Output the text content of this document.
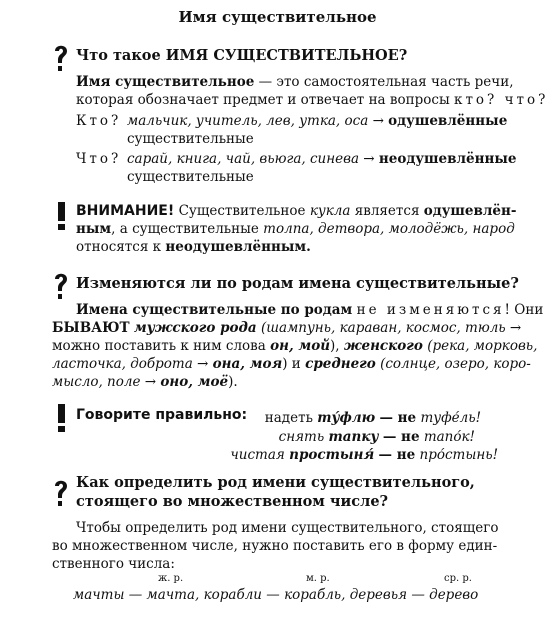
Имя существительное
Что такое ИМЯ СУЩЕСТВИТЕЛЬНОЕ?
Имя существительное — это самостоятельная часть речи,
которая обозначает предмет и отвечает на вопросы кто? что?
Кто? мальчик, учитель, лев, утка, оса → одушевлённые
существительные
Что? сарай, книга, чай, вьюга, синева → неодушевлённые
существительные
ВНИМАНИЕ! Существительное кукла является одушевлён-
ным, а существительные толпа, детвора, молодёжь, народ
относятся к неодушевлённым.
Изменяются ли по родам имена существительные?
Имена существительные по родам не изменяются! Они
БЫВАЮТ мужского рода (шампунь, караван, космос, тюль →
можно поставить к ним слова он, мой), женского (река, морковь,
ласточка, доброта → она, моя) и среднего (солнце, озеро, коро-
мысло, поле → оно, моё).
Говорите правильно: надеть ту́флю — не туфе́ль!
снять тапку — не тапо́к!
чистая простыня́ — не про́стынь!
Как определить род имени существительного,
стоящего во множественном числе?
Чтобы определить род имени существительного, стоящего
во множественном числе, нужно поставить его в форму един-
ственного числа:
ж. р.	м. р.	ср. р.
мачты — мачта, корабли — корабль, деревья — дерево
